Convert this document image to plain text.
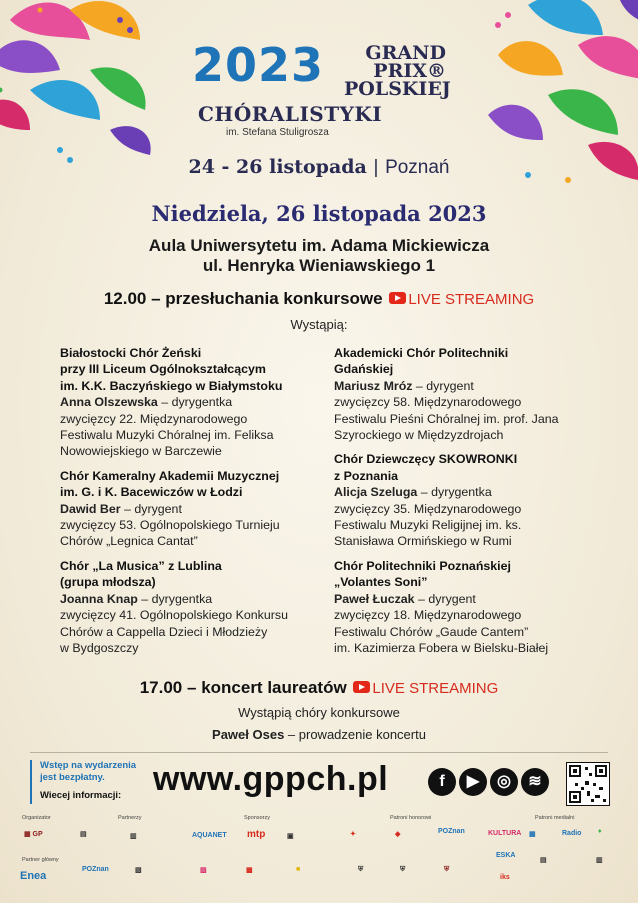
2023	GRAND
PRIX®
POLSKIEJ
CHÓRALISTYKI
im. Stefana Stuligrosza
24 - 26 listopada | Poznań
Niedziela, 26 listopada 2023
Aula Uniwersytetu im. Adama Mickiewicza
ul. Henryka Wieniawskiego 1
12.00 – przesłuchania konkursowe LIVE STREAMING
Wystąpią:
Białostocki Chór Żeński
przy III Liceum Ogólnokształcącym
im. K.K. Baczyńskiego w Białymstoku
Anna Olszewska – dyrygentka
zwycięzcy 22. Międzynarodowego
Festiwalu Muzyki Chóralnej im. Feliksa
Nowowiejskiego w Barczewie
Chór Kameralny Akademii Muzycznej
im. G. i K. Bacewiczów w Łodzi
Dawid Ber – dyrygent
zwycięzcy 53. Ogólnopolskiego Turnieju
Chórów „Legnica Cantat”
Chór „La Musica” z Lublina
(grupa młodsza)
Joanna Knap – dyrygentka
zwycięzcy 41. Ogólnopolskiego Konkursu
Chórów a Cappella Dzieci i Młodzieży
w Bydgoszczy
Akademicki Chór Politechniki
Gdańskiej
Mariusz Mróz – dyrygent
zwycięzcy 58. Międzynarodowego
Festiwalu Pieśni Chóralnej im. prof. Jana
Szyrockiego w Międzyzdrojach
Chór Dziewczęcy SKOWRONKI
z Poznania
Alicja Szeluga – dyrygentka
zwycięzcy 35. Międzynarodowego
Festiwalu Muzyki Religijnej im. ks.
Stanisława Ormińskiego w Rumi
Chór Politechniki Poznańskiej
„Volantes Soni”
Paweł Łuczak – dyrygent
zwycięzcy 18. Międzynarodowego
Festiwalu Chórów „Gaude Cantem”
im. Kazimierza Fobera w Bielsku-Białej
17.00 – koncert laureatów LIVE STREAMING
Wystąpią chóry konkursowe
Paweł Oses – prowadzenie koncertu
Wstęp na wydarzenia
jest bezpłatny.
Wiecej informacji: www.gppch.pl	f	▶	◎	≋
Organizator	Partnerzy	Sponsorzy	Patroni honorowi	Patroni medialni
Partner główny
▦ GP	▤	▥	AQUANET mtp	▣	✦	◆	POZnan	KULTURA ▦	Radio ♦
Enea
POZnan	▧	▨	▩	■	⛨	⛨	⛨
ESKA
iks
▤	▥
